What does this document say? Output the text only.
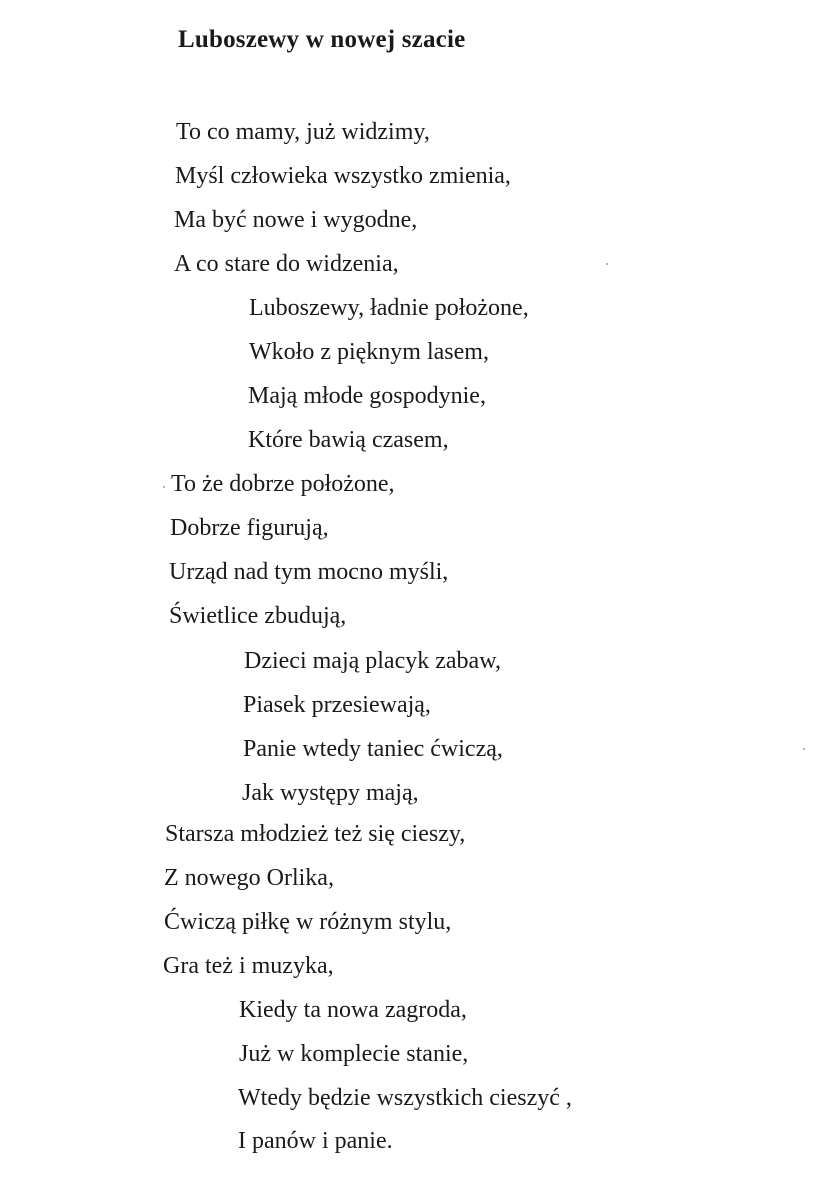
Luboszewy w nowej szacie

To co mamy, już widzimy,

Myśl człowieka wszystko zmienia,

Ma być nowe i wygodne,

A co stare do widzenia,

Luboszewy, ładnie położone,

Wkoło z pięknym lasem,

Mają młode gospodynie,

Które bawią czasem,

To że dobrze położone,

Dobrze figurują,

Urząd nad tym mocno myśli,

Świetlice zbudują,

Dzieci mają placyk zabaw,

Piasek przesiewają,

Panie wtedy taniec ćwiczą,

Jak występy mają,

Starsza młodzież też się cieszy,

Z nowego Orlika,

Ćwiczą piłkę w różnym stylu,

Gra też i muzyka,

Kiedy ta nowa zagroda,

Już w komplecie stanie,

Wtedy będzie wszystkich cieszyć ,

I panów i panie.
